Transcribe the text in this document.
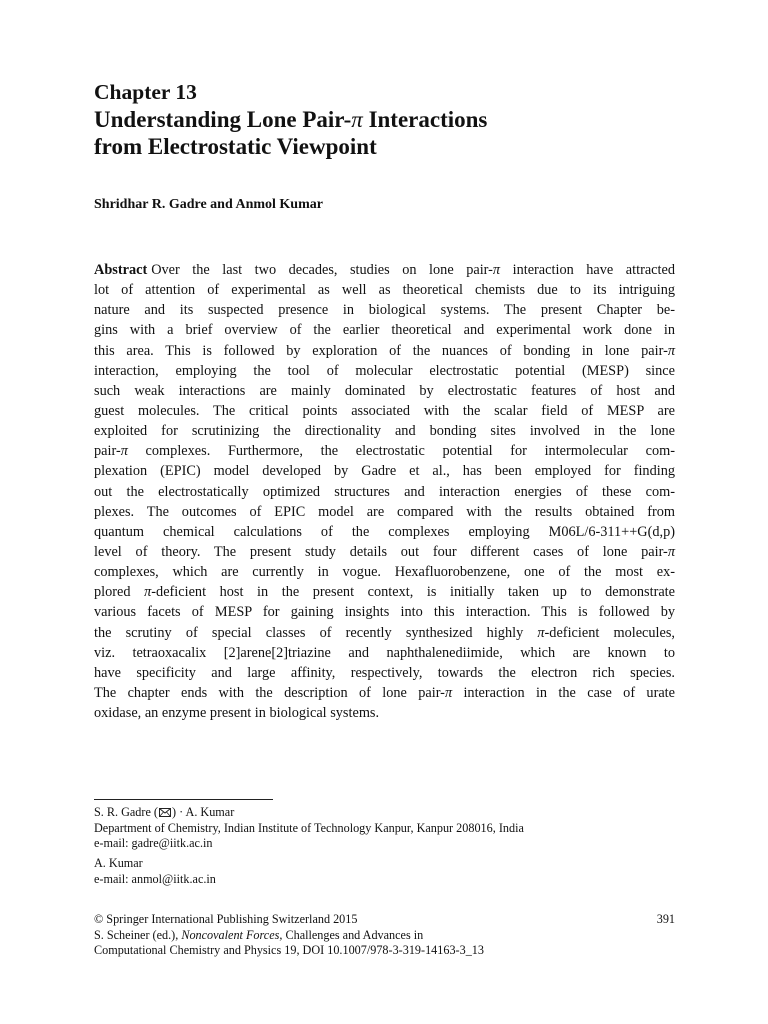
Chapter 13
Understanding Lone Pair-π Interactions
from Electrostatic Viewpoint
Shridhar R. Gadre and Anmol Kumar
Abstract Over the last two decades, studies on lone pair-π interaction have attracted
lot of attention of experimental as well as theoretical chemists due to its intriguing
nature and its suspected presence in biological systems. The present Chapter be-
gins with a brief overview of the earlier theoretical and experimental work done in
this area. This is followed by exploration of the nuances of bonding in lone pair-π
interaction, employing the tool of molecular electrostatic potential (MESP) since
such weak interactions are mainly dominated by electrostatic features of host and
guest molecules. The critical points associated with the scalar field of MESP are
exploited for scrutinizing the directionality and bonding sites involved in the lone
pair-π complexes. Furthermore, the electrostatic potential for intermolecular com-
plexation (EPIC) model developed by Gadre et al., has been employed for finding
out the electrostatically optimized structures and interaction energies of these com-
plexes. The outcomes of EPIC model are compared with the results obtained from
quantum chemical calculations of the complexes employing M06L/6-311++G(d,p)
level of theory. The present study details out four different cases of lone pair-π
complexes, which are currently in vogue. Hexafluorobenzene, one of the most ex-
plored π-deficient host in the present context, is initially taken up to demonstrate
various facets of MESP for gaining insights into this interaction. This is followed by
the scrutiny of special classes of recently synthesized highly π-deficient molecules,
viz. tetraoxacalix [2]arene[2]triazine and naphthalenediimide, which are known to
have specificity and large affinity, respectively, towards the electron rich species.
The chapter ends with the description of lone pair-π interaction in the case of urate
oxidase, an enzyme present in biological systems.
S. R. Gadre ( ) · A. Kumar
Department of Chemistry, Indian Institute of Technology Kanpur, Kanpur 208016, India
e-mail: gadre@iitk.ac.in
A. Kumar
e-mail: anmol@iitk.ac.in
© Springer International Publishing Switzerland 2015
S. Scheiner (ed.), Noncovalent Forces, Challenges and Advances in
Computational Chemistry and Physics 19, DOI 10.1007/978-3-319-14163-3_13
391
